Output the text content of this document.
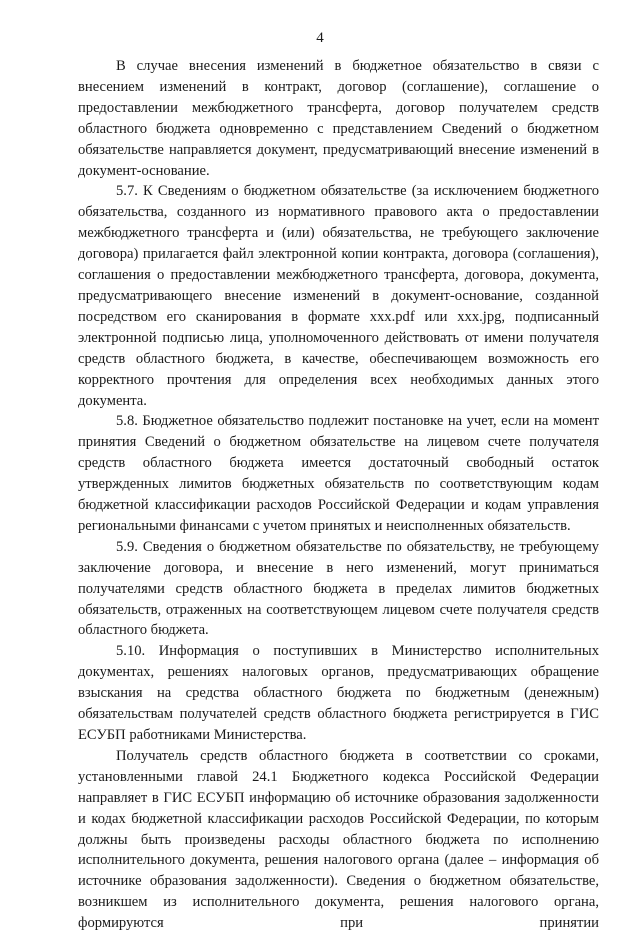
4

В случае внесения изменений в бюджетное обязательство в связи с внесением изменений в контракт, договор (соглашение), соглашение о предоставлении межбюджетного трансферта, договор получателем средств областного бюджета одновременно с представлением Сведений о бюджетном обязательстве направляется документ, предусматривающий внесение изменений в документ-основание.

5.7. К Сведениям о бюджетном обязательстве (за исключением бюджетного обязательства, созданного из нормативного правового акта о предоставлении межбюджетного трансферта и (или) обязательства, не требующего заключение договора) прилагается файл электронной копии контракта, договора (соглашения), соглашения о предоставлении межбюджетного трансферта, договора, документа, предусматривающего внесение изменений в документ-основание, созданной посредством его сканирования в формате xxx.pdf или xxx.jpg, подписанный электронной подписью лица, уполномоченного действовать от имени получателя средств областного бюджета, в качестве, обеспечивающем возможность его корректного прочтения для определения всех необходимых данных этого документа.

5.8. Бюджетное обязательство подлежит постановке на учет, если на момент принятия Сведений о бюджетном обязательстве на лицевом счете получателя средств областного бюджета имеется достаточный свободный остаток утвержденных лимитов бюджетных обязательств по соответствующим кодам бюджетной классификации расходов Российской Федерации и кодам управления региональными финансами с учетом принятых и неисполненных обязательств.

5.9. Сведения о бюджетном обязательстве по обязательству, не требующему заключение договора, и внесение в него изменений, могут приниматься получателями средств областного бюджета в пределах лимитов бюджетных обязательств, отраженных на соответствующем лицевом счете получателя средств областного бюджета.

5.10. Информация о поступивших в Министерство исполнительных документах, решениях налоговых органов, предусматривающих обращение взыскания на средства областного бюджета по бюджетным (денежным) обязательствам получателей средств областного бюджета регистрируется в ГИС ЕСУБП работниками Министерства.

Получатель средств областного бюджета в соответствии со сроками, установленными главой 24.1 Бюджетного кодекса Российской Федерации направляет в ГИС ЕСУБП информацию об источнике образования задолженности и кодах бюджетной классификации расходов Российской Федерации, по которым должны быть произведены расходы областного бюджета по исполнению исполнительного документа, решения налогового органа (далее – информация об источнике образования задолженности). Сведения о бюджетном обязательстве, возникшем из исполнительного документа, решения налогового органа, формируются при принятии
